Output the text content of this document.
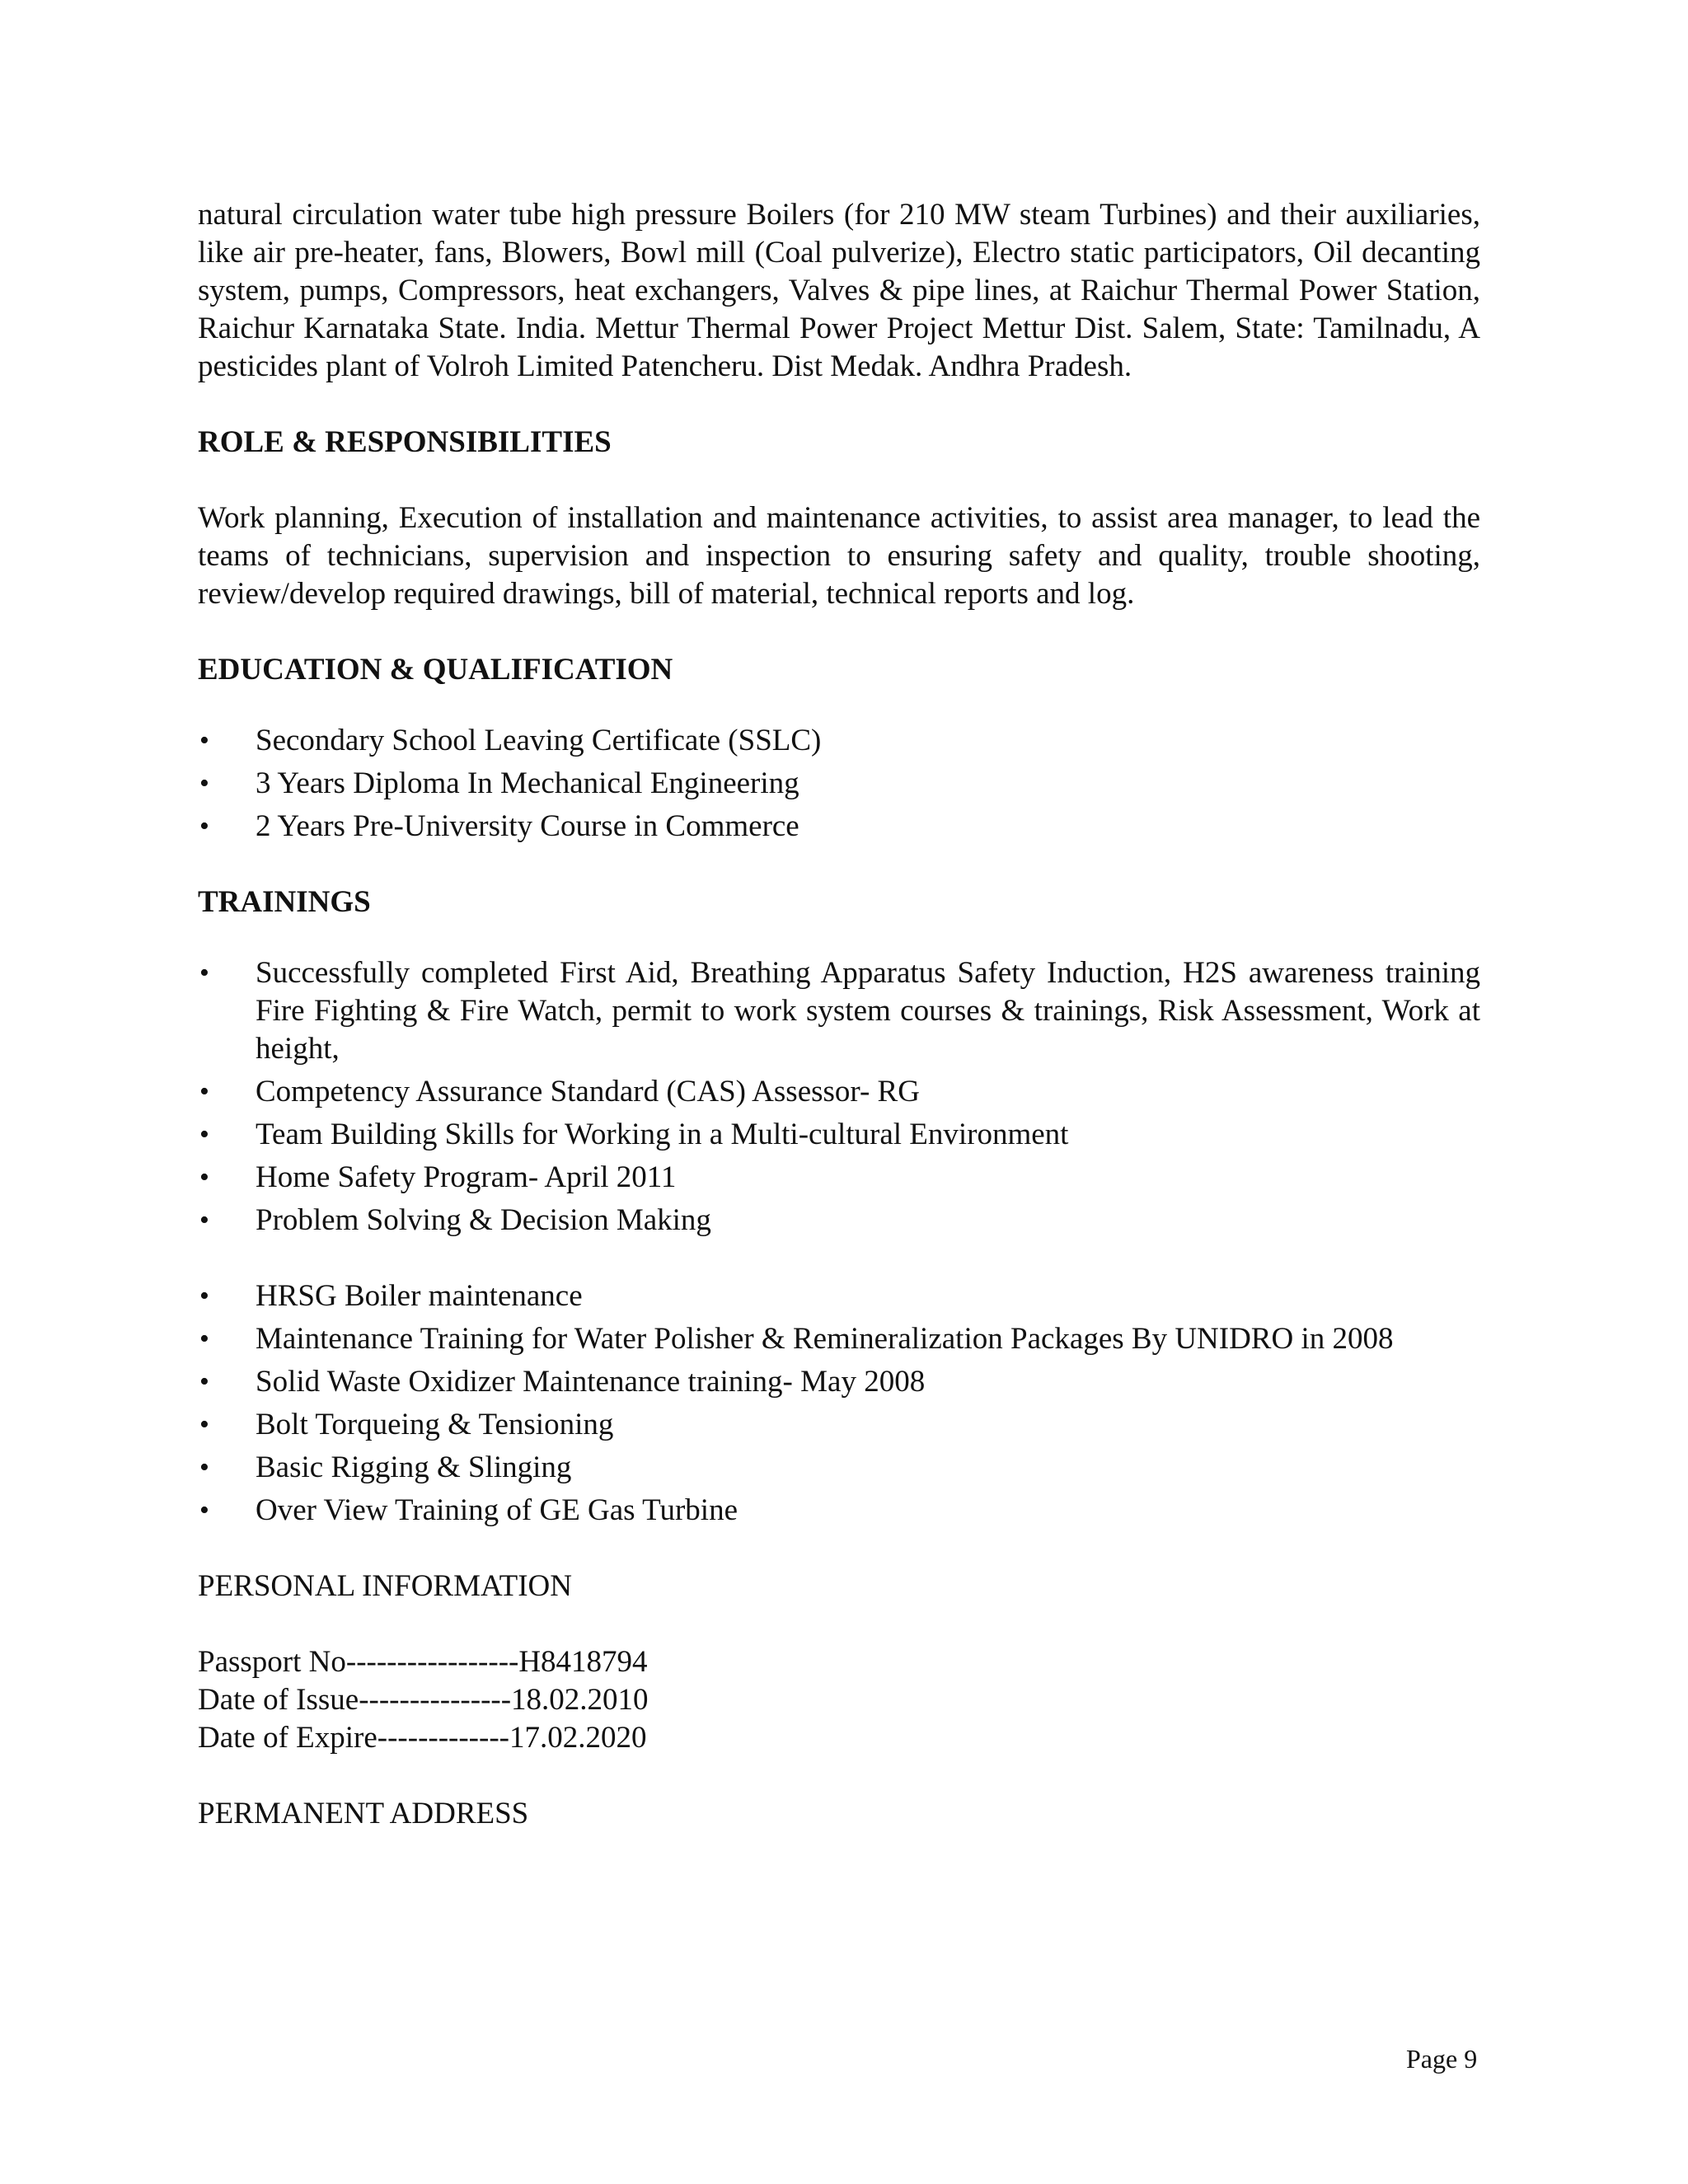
natural circulation water tube high pressure Boilers (for 210 MW steam Turbines) and their auxiliaries, like air pre-heater, fans, Blowers, Bowl mill (Coal pulverize), Electro static participators, Oil decanting system, pumps, Compressors, heat exchangers, Valves & pipe lines, at Raichur Thermal Power Station, Raichur Karnataka State. India. Mettur Thermal Power Project Mettur Dist. Salem, State: Tamilnadu, A pesticides plant of Volroh Limited Patencheru. Dist Medak. Andhra Pradesh.

ROLE & RESPONSIBILITIES

Work planning, Execution of installation and maintenance activities, to assist area manager, to lead the teams of technicians, supervision and inspection to ensuring safety and quality, trouble shooting, review/develop required drawings, bill of material, technical reports and log.

EDUCATION & QUALIFICATION

• Secondary School Leaving Certificate (SSLC)
• 3 Years Diploma In Mechanical Engineering
• 2 Years Pre-University Course in Commerce

TRAININGS

• Successfully completed First Aid, Breathing Apparatus Safety Induction, H2S awareness training Fire Fighting & Fire Watch, permit to work system courses & trainings, Risk Assessment, Work at height,
• Competency Assurance Standard (CAS) Assessor- RG
• Team Building Skills for Working in a Multi-cultural Environment
• Home Safety Program- April 2011
• Problem Solving & Decision Making
• HRSG Boiler maintenance
• Maintenance Training for Water Polisher & Remineralization Packages By UNIDRO in 2008
• Solid Waste Oxidizer Maintenance training- May 2008
• Bolt Torqueing & Tensioning
• Basic Rigging & Slinging
• Over View Training of GE Gas Turbine

PERSONAL INFORMATION

Passport No-----------------H8418794

Date of Issue---------------18.02.2010

Date of Expire-------------17.02.2020

PERMANENT ADDRESS

Page 9
